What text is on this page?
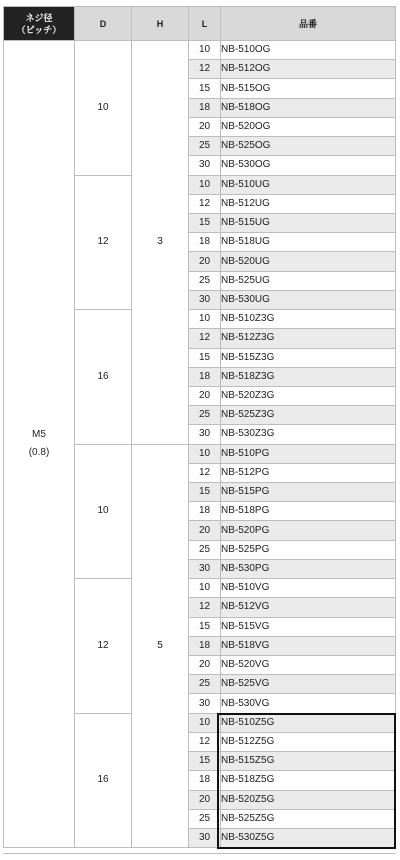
ネジ径
（ピッチ）	D	H	L	品番
M5
(0.8)	10	3	10	NB-510OG
			12	NB-512OG
			15	NB-515OG
			18	NB-518OG
			20	NB-520OG
			25	NB-525OG
			30	NB-530OG
	12		10	NB-510UG
			12	NB-512UG
			15	NB-515UG
			18	NB-518UG
			20	NB-520UG
			25	NB-525UG
			30	NB-530UG
	16		10	NB-510Z3G
			12	NB-512Z3G
			15	NB-515Z3G
			18	NB-518Z3G
			20	NB-520Z3G
			25	NB-525Z3G
			30	NB-530Z3G
	10	5	10	NB-510PG
			12	NB-512PG
			15	NB-515PG
			18	NB-518PG
			20	NB-520PG
			25	NB-525PG
			30	NB-530PG
	12		10	NB-510VG
			12	NB-512VG
			15	NB-515VG
			18	NB-518VG
			20	NB-520VG
			25	NB-525VG
			30	NB-530VG
	16		10	NB-510Z5G
			12	NB-512Z5G
			15	NB-515Z5G
			18	NB-518Z5G
			20	NB-520Z5G
			25	NB-525Z5G
			30	NB-530Z5G
